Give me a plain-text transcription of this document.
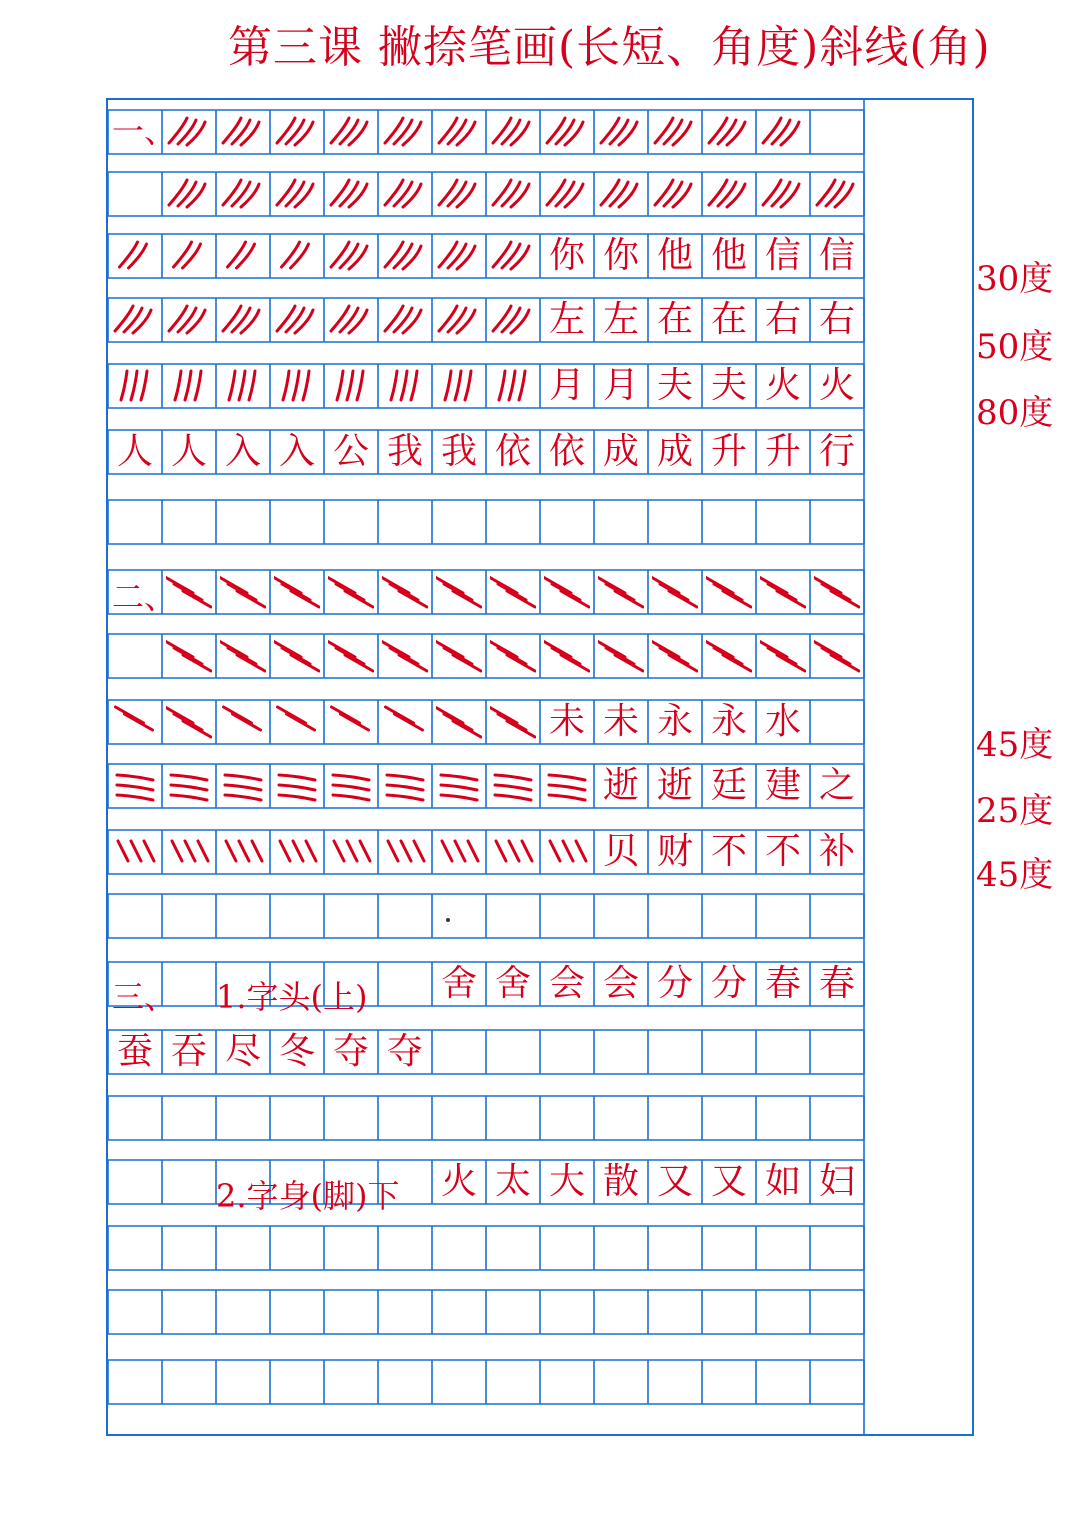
第三课 撇捺笔画(长短、角度)斜线(角)
你 你 他 他 信 信
左 左 在 在 右 右
月 月 夫 夫 火 火
人 人 入 入 公 我 我 依 依 成 成 升 升 行
未 未 永 永 水
逝 逝 廷 建 之
贝 财 不 不 补
舍 舍 会 会 分 分 春 春
蚕 吞 尽 冬 夺 夺
火 太 大 散 又 又 如 妇
一、
二、
三、 1.字头(上)
2.字身(脚)下
30度
50度
80度
45度
25度
45度
